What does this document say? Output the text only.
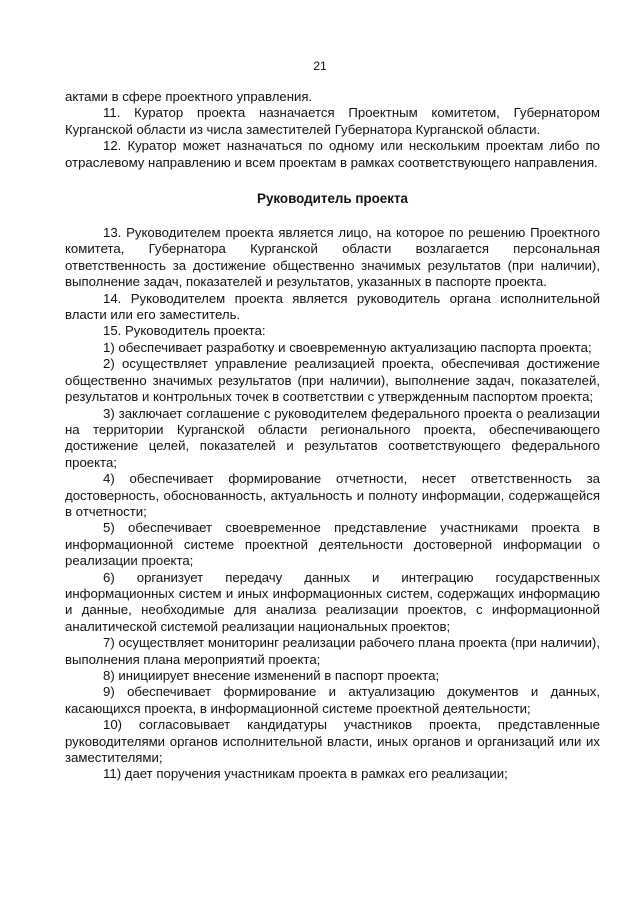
21

актами в сфере проектного управления.

11. Куратор проекта назначается Проектным комитетом, Губернатором Курганской области из числа заместителей Губернатора Курганской области.

12. Куратор может назначаться по одному или нескольким проектам либо по отраслевому направлению и всем проектам в рамках соответствующего направления.

Руководитель проекта

13. Руководителем проекта является лицо, на которое по решению Проектного комитета, Губернатора Курганской области возлагается персональная ответственность за достижение общественно значимых результатов (при наличии), выполнение задач, показателей и результатов, указанных в паспорте проекта.

14. Руководителем проекта является руководитель органа исполнительной власти или его заместитель.

15. Руководитель проекта:

1) обеспечивает разработку и своевременную актуализацию паспорта проекта;

2) осуществляет управление реализацией проекта, обеспечивая достижение общественно значимых результатов (при наличии), выполнение задач, показателей, результатов и контрольных точек в соответствии с утвержденным паспортом проекта;

3) заключает соглашение с руководителем федерального проекта о реализации на территории Курганской области регионального проекта, обеспечивающего достижение целей, показателей и результатов соответствующего федерального проекта;

4) обеспечивает формирование отчетности, несет ответственность за достоверность, обоснованность, актуальность и полноту информации, содержащейся в отчетности;

5) обеспечивает своевременное представление участниками проекта в информационной системе проектной деятельности достоверной информации о реализации проекта;

6) организует передачу данных и интеграцию государственных информационных систем и иных информационных систем, содержащих информацию и данные, необходимые для анализа реализации проектов, с информационной аналитической системой реализации национальных проектов;

7) осуществляет мониторинг реализации рабочего плана проекта (при наличии), выполнения плана мероприятий проекта;

8) инициирует внесение изменений в паспорт проекта;

9) обеспечивает формирование и актуализацию документов и данных, касающихся проекта, в информационной системе проектной деятельности;

10) согласовывает кандидатуры участников проекта, представленные руководителями органов исполнительной власти, иных органов и организаций или их заместителями;

11) дает поручения участникам проекта в рамках его реализации;
